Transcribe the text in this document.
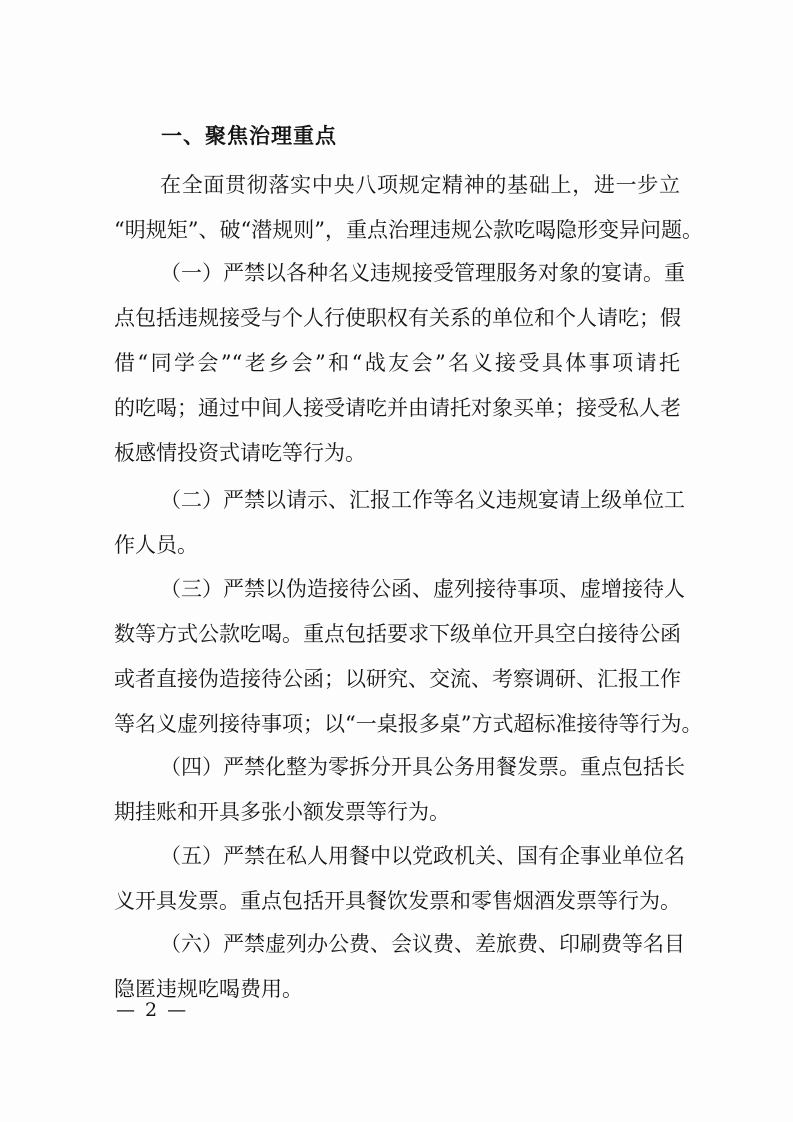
一、聚焦治理重点
在全面贯彻落实中央八项规定精神的基础上，进一步立
“明规矩”、破“潜规则”，重点治理违规公款吃喝隐形变异问题。
（一）严禁以各种名义违规接受管理服务对象的宴请。重
点包括违规接受与个人行使职权有关系的单位和个人请吃；假
借“同学会”“老乡会”和“战友会”名义接受具体事项请托
的吃喝；通过中间人接受请吃并由请托对象买单；接受私人老
板感情投资式请吃等行为。
（二）严禁以请示、汇报工作等名义违规宴请上级单位工
作人员。
（三）严禁以伪造接待公函、虚列接待事项、虚增接待人
数等方式公款吃喝。重点包括要求下级单位开具空白接待公函
或者直接伪造接待公函；以研究、交流、考察调研、汇报工作
等名义虚列接待事项；以“一桌报多桌”方式超标准接待等行为。
（四）严禁化整为零拆分开具公务用餐发票。重点包括长
期挂账和开具多张小额发票等行为。
（五）严禁在私人用餐中以党政机关、国有企事业单位名
义开具发票。重点包括开具餐饮发票和零售烟酒发票等行为。
（六）严禁虚列办公费、会议费、差旅费、印刷费等名目
隐匿违规吃喝费用。
— 2 —
